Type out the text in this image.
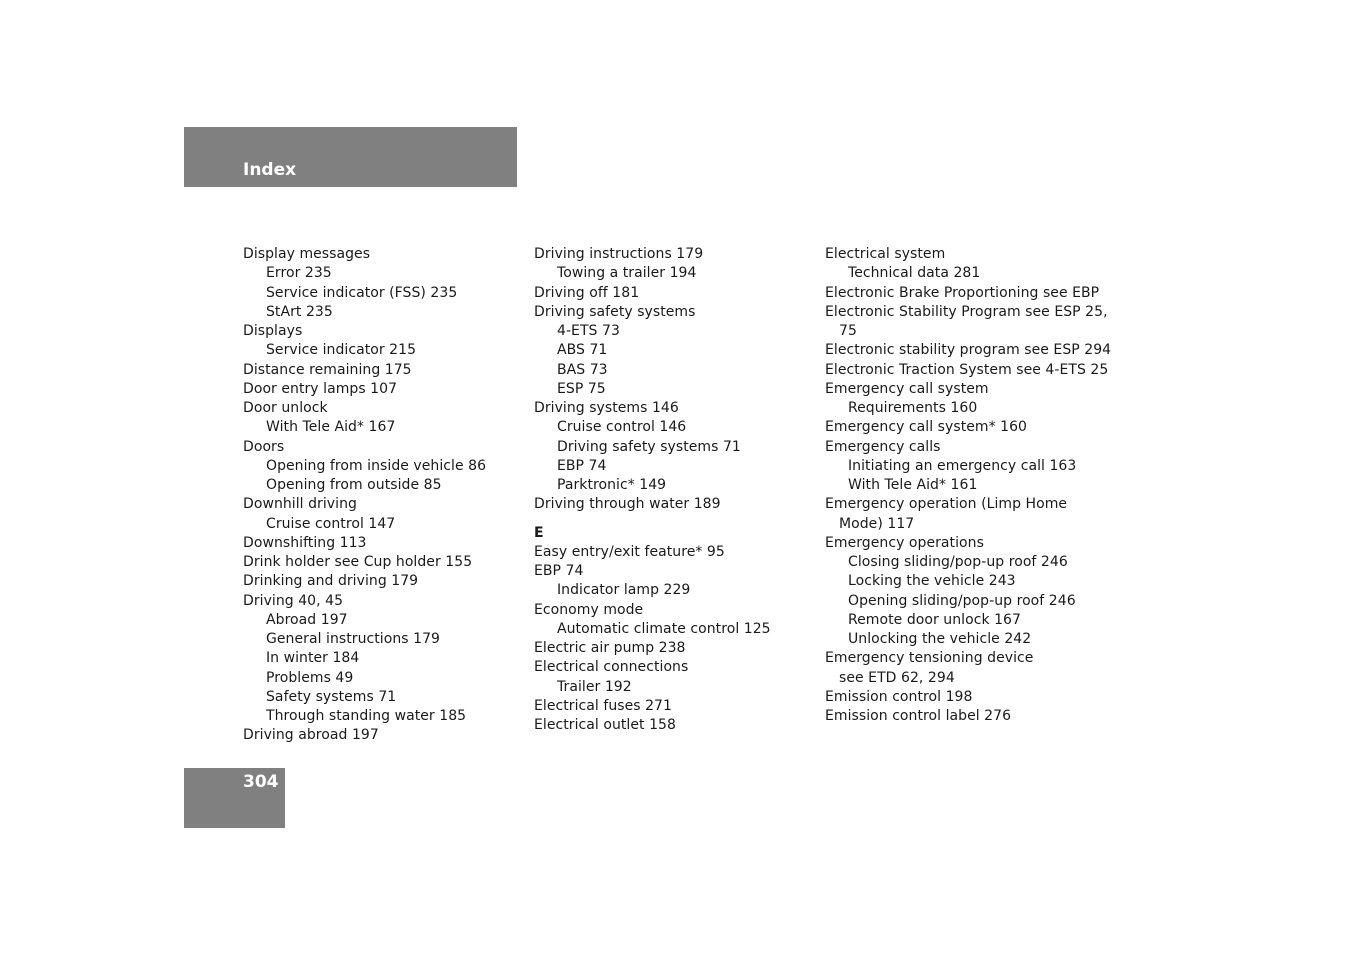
Index
Display messages
Error 235
Service indicator (FSS) 235
StArt 235
Displays
Service indicator 215
Distance remaining 175
Door entry lamps 107
Door unlock
With Tele Aid* 167
Doors
Opening from inside vehicle 86
Opening from outside 85
Downhill driving
Cruise control 147
Downshifting 113
Drink holder see Cup holder 155
Drinking and driving 179
Driving 40, 45
Abroad 197
General instructions 179
In winter 184
Problems 49
Safety systems 71
Through standing water 185
Driving abroad 197
Driving instructions 179
Towing a trailer 194
Driving off 181
Driving safety systems
4-ETS 73
ABS 71
BAS 73
ESP 75
Driving systems 146
Cruise control 146
Driving safety systems 71
EBP 74
Parktronic* 149
Driving through water 189
E
Easy entry/exit feature* 95
EBP 74
Indicator lamp 229
Economy mode
Automatic climate control 125
Electric air pump 238
Electrical connections
Trailer 192
Electrical fuses 271
Electrical outlet 158
Electrical system
Technical data 281
Electronic Brake Proportioning see EBP
Electronic Stability Program see ESP 25,
75
Electronic stability program see ESP 294
Electronic Traction System see 4-ETS 25
Emergency call system
Requirements 160
Emergency call system* 160
Emergency calls
Initiating an emergency call 163
With Tele Aid* 161
Emergency operation (Limp Home
Mode) 117
Emergency operations
Closing sliding/pop-up roof 246
Locking the vehicle 243
Opening sliding/pop-up roof 246
Remote door unlock 167
Unlocking the vehicle 242
Emergency tensioning device
see ETD 62, 294
Emission control 198
Emission control label 276
304
